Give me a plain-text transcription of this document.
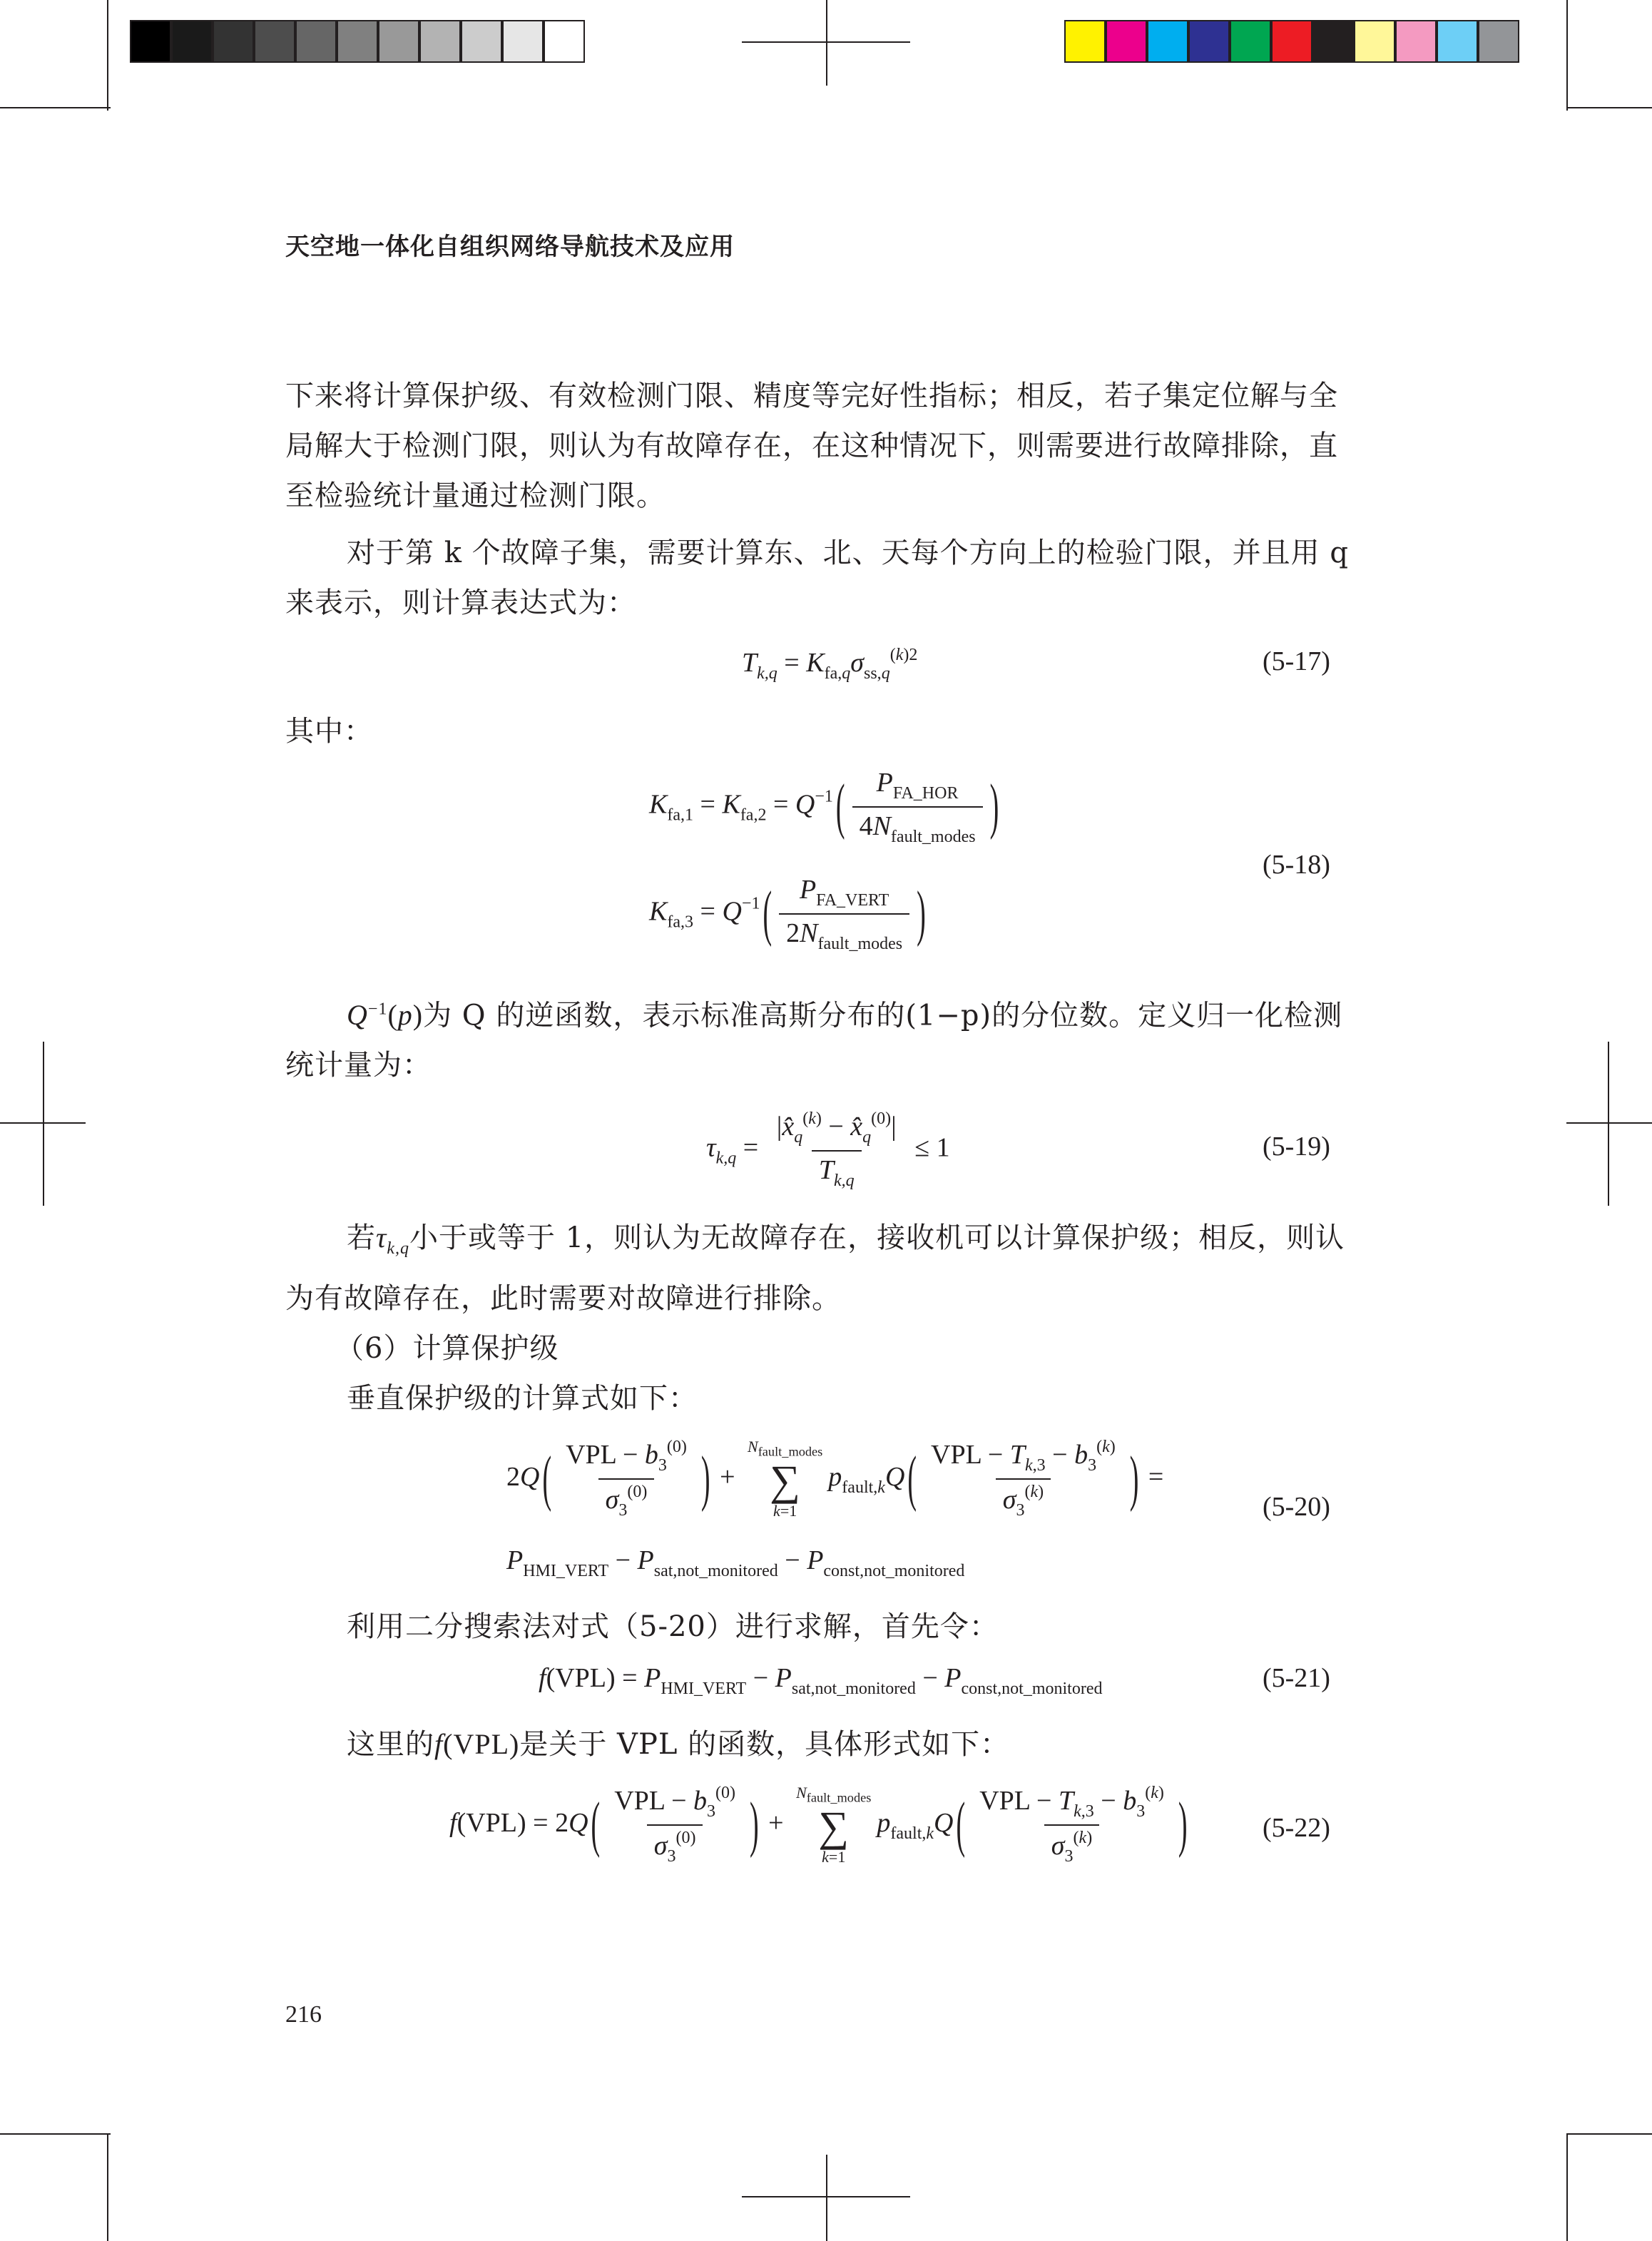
天空地一体化自组织网络导航技术及应用

下来将计算保护级、有效检测门限、精度等完好性指标；相反，若子集定位解与全局解大于检测门限，则认为有故障存在，在这种情况下，则需要进行故障排除，直至检验统计量通过检测门限。

对于第 k 个故障子集，需要计算东、北、天每个方向上的检验门限，并且用 q 来表示，则计算表达式为：

$T_{k,q} = K_{fa,q}\sigma_{ss,q}^{(k)2}$	(5-17)

其中：

$K_{fa,1} = K_{fa,2} = Q^{-1}$ ( $\frac{P_{FA\_HOR}}{4N_{fault\_modes}}$ )
$K_{fa,3} = Q^{-1}$ ( $\frac{P_{FA\_VERT}}{2N_{fault\_modes}}$ )
(5-18)

$Q^{-1}(p)$为 Q 的逆函数，表示标准高斯分布的(1−p)的分位数。定义归一化检测统计量为：

$\tau_{k,q} = \frac{|x̂_q^{(k)} - x̂_q^{(0)}|}{T_{k,q}} \le 1$	(5-19)

若$\tau_{k,q}$小于或等于 1，则认为无故障存在，接收机可以计算保护级；相反，则认为有故障存在，此时需要对故障进行排除。

（6）计算保护级

垂直保护级的计算式如下：

2Q ( $\frac{VPL - b_3^{(0)}}{\sigma_3^{(0)}}$ ) +
$N_{fault\_modes}$
∑
k=1
$p_{fault,k}Q$ ( $\frac{VPL - T_{k,3} - b_3^{(k)}}{\sigma_3^{(k)}}$ ) =
$P_{HMI\_VERT} - P_{sat,not\_monitored} - P_{const,not\_monitored}$
(5-20)

利用二分搜索法对式（5-20）进行求解，首先令：

$f(VPL) = P_{HMI\_VERT} - P_{sat,not\_monitored} - P_{const,not\_monitored}$	(5-21)

这里的f(VPL)是关于 VPL 的函数，具体形式如下：

f(VPL) = 2Q ( $\frac{VPL - b_3^{(0)}}{\sigma_3^{(0)}}$ ) +
$N_{fault\_modes}$
∑
k=1
$p_{fault,k}Q$ ( $\frac{VPL - T_{k,3} - b_3^{(k)}}{\sigma_3^{(k)}}$ )	(5-22)
216
